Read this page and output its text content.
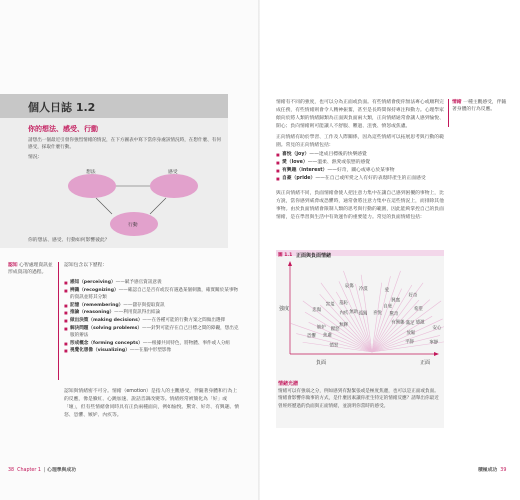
個人日誌 1.2
你的想法、感受、行動
請想出一個最近引發你強烈情緒的情況，在下方圖表中寫下當你身處該情況時，在想什麼、有何感受，採取什麼行動。
情況：
想法	感受
行動
你的想法、感受、行動如何影響彼此？
認知 心智處理資訊並形成資訊的過程。
認知包含以下歷程：
■ 感知（perceiving）——賦予感官資訊意義
■ 辨識（recognizing）——確認自己是否有或沒有遇過某個刺激，確實關於某事物的資訊並將其分類
■ 記憶（remembering）——儲存與提取資訊
■ 推論（reasoning）——利用資訊得出結論
■ 做出決策（making decisions）——在各種可能的行動方案之間做出選擇
■ 解決問題（solving problems）——針對可能存在自己目標之間的障礙，想出克服的辦法
■ 形成概念（forming concepts）——根據共同特色，將物體、事件或人分組
■ 視覺化想像（visualizing）——在腦中形塑影像
認知與情緒密不可分。情緒（emotion）是指人的主觀感受，伴隨著身體和行為上的反應，像是臉紅、心跳加速、說話音調改變等。情緒經常被簡化為「好」或「壞」，但有些情緒會同時具有正負兩種面向，例如愉悅、驚奇、好奇、有興趣、憤怒、恐懼、嫉妒、內疚等。
38 Chapter 1  | 心理學與成功
情緒有不同的強度，也可以分為正面或負面。有些情緒會使你無法專心或順利完成任務，有些情緒則會令人精神振奮，甚至是長時間保持專注和動力。心理學家傾向於將人類的情緒歸類為正面與負面兩大類，正向情緒通常會讓人感到愉悅、開心；負向情緒則可能讓人不舒服、難過、沮喪、憤怒或焦慮。
正向情緒有助於學習、工作及人際關係，因為這些情緒可以拓展思考與行動的範圍。常見的正向情緒包括：
■ 喜悅（joy）——達成目標後的快樂感覺
■ 愛（love）——溫柔、熱愛或依戀的感覺
■ 有興趣（interest）——好奇，關心或專心於某事物
■ 自豪（pride）——在自己或所愛之人有好的表現時產生的正面感受
與正向情緒不同，負面情緒會使人把注意力集中在讓自己感到困擾的事物上，比方說，當你感到威脅或恐懼時，通常會將注意力集中在這些情況上，而排除其他事物。由於負面情緒會限制人類的思考與行動的範圍，因此能夠掌控自己的負面情緒，是在學習與生活中有效運作的重要能力。常見的負面情緒包括：
情緒 一種主觀感受，伴隨著身體的行為反應。
圖 1.1 正面與負面情緒
憤怒
恐懼 焦慮
嫉妒 厭惡
悲傷
無聊
害羞
內疚
羞恥
無助
哀傷
孤獨
冷漠
喜悅
愛
自豪
興奮
驚奇
好奇
有興趣
希望
滿足 感激
放鬆
安心
平靜	寧靜
強度
負面	正面
情緒光譜
情緒可以有強弱之分，例如感到有點緊張或是極度焦慮，也可以是正面或負面。情緒會影響你做事的方式，是什麼因素讓你產生特定的情緒反應？請舉出你最近曾經經歷過的負面與正面情緒，並說明你當時的感受。
積極成功 39
